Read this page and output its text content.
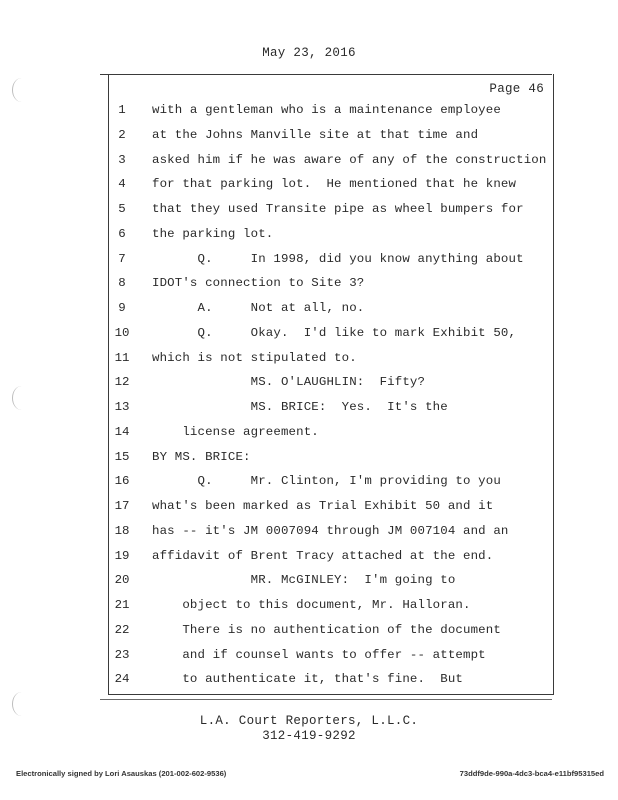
May 23, 2016
Page 46
1	with a gentleman who is a maintenance employee
2	at the Johns Manville site at that time and
3	asked him if he was aware of any of the construction
4	for that parking lot.  He mentioned that he knew
5	that they used Transite pipe as wheel bumpers for
6	the parking lot.
7	Q.     In 1998, did you know anything about
8	IDOT's connection to Site 3?
9	A.     Not at all, no.
10 Q.     Okay.  I'd like to mark Exhibit 50,
11 which is not stipulated to.
12 MS. O'LAUGHLIN:  Fifty?
13 MS. BRICE:  Yes.  It's the
14 license agreement.
15 BY MS. BRICE:
16 Q.     Mr. Clinton, I'm providing to you
17 what's been marked as Trial Exhibit 50 and it
18 has -- it's JM 0007094 through JM 007104 and an
19 affidavit of Brent Tracy attached at the end.
20 MR. McGINLEY:  I'm going to
21 object to this document, Mr. Halloran.
22 There is no authentication of the document
23 and if counsel wants to offer -- attempt
24 to authenticate it, that's fine.  But
L.A. Court Reporters, L.L.C.
312-419-9292
Electronically signed by Lori Asauskas (201-002-602-9536)	73ddf9de-990a-4dc3-bca4-e11bf95315ed
